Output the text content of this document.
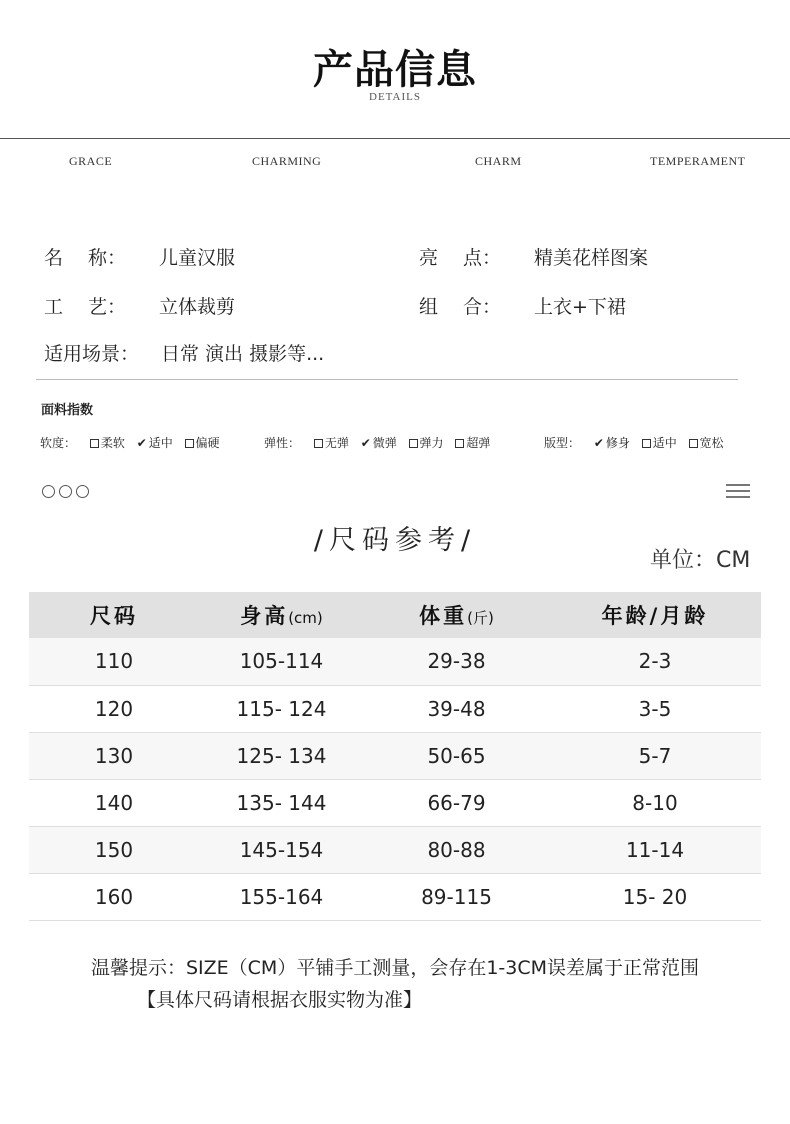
产品信息
DETAILS
GRACE	CHARMING	CHARM	TEMPERAMENT
名　 称： 儿童汉服	亮　 点： 精美花样图案
工　 艺： 立体裁剪	组　 合： 上衣+下裙
适用场景： 日常 演出 摄影等...
面料指数
软度： 柔软 ✔ 适中 偏硬	弹性： 无弹 ✔ 微弹 弹力 超弹	版型： ✔ 修身 适中 宽松
/尺码参考/
单位：CM
尺码	身高(cm)	体重(斤)	年龄/月龄
110	105-114	29-38	2-3
120	115- 124	39-48	3-5
130	125- 134	50-65	5-7
140	135- 144	66-79	8-10
150	145-154	80-88	11-14
160	155-164	89-115	15- 20
温馨提示：SIZE（CM）平铺手工测量，会存在1-3CM误差属于正常范围
【具体尺码请根据衣服实物为准】
